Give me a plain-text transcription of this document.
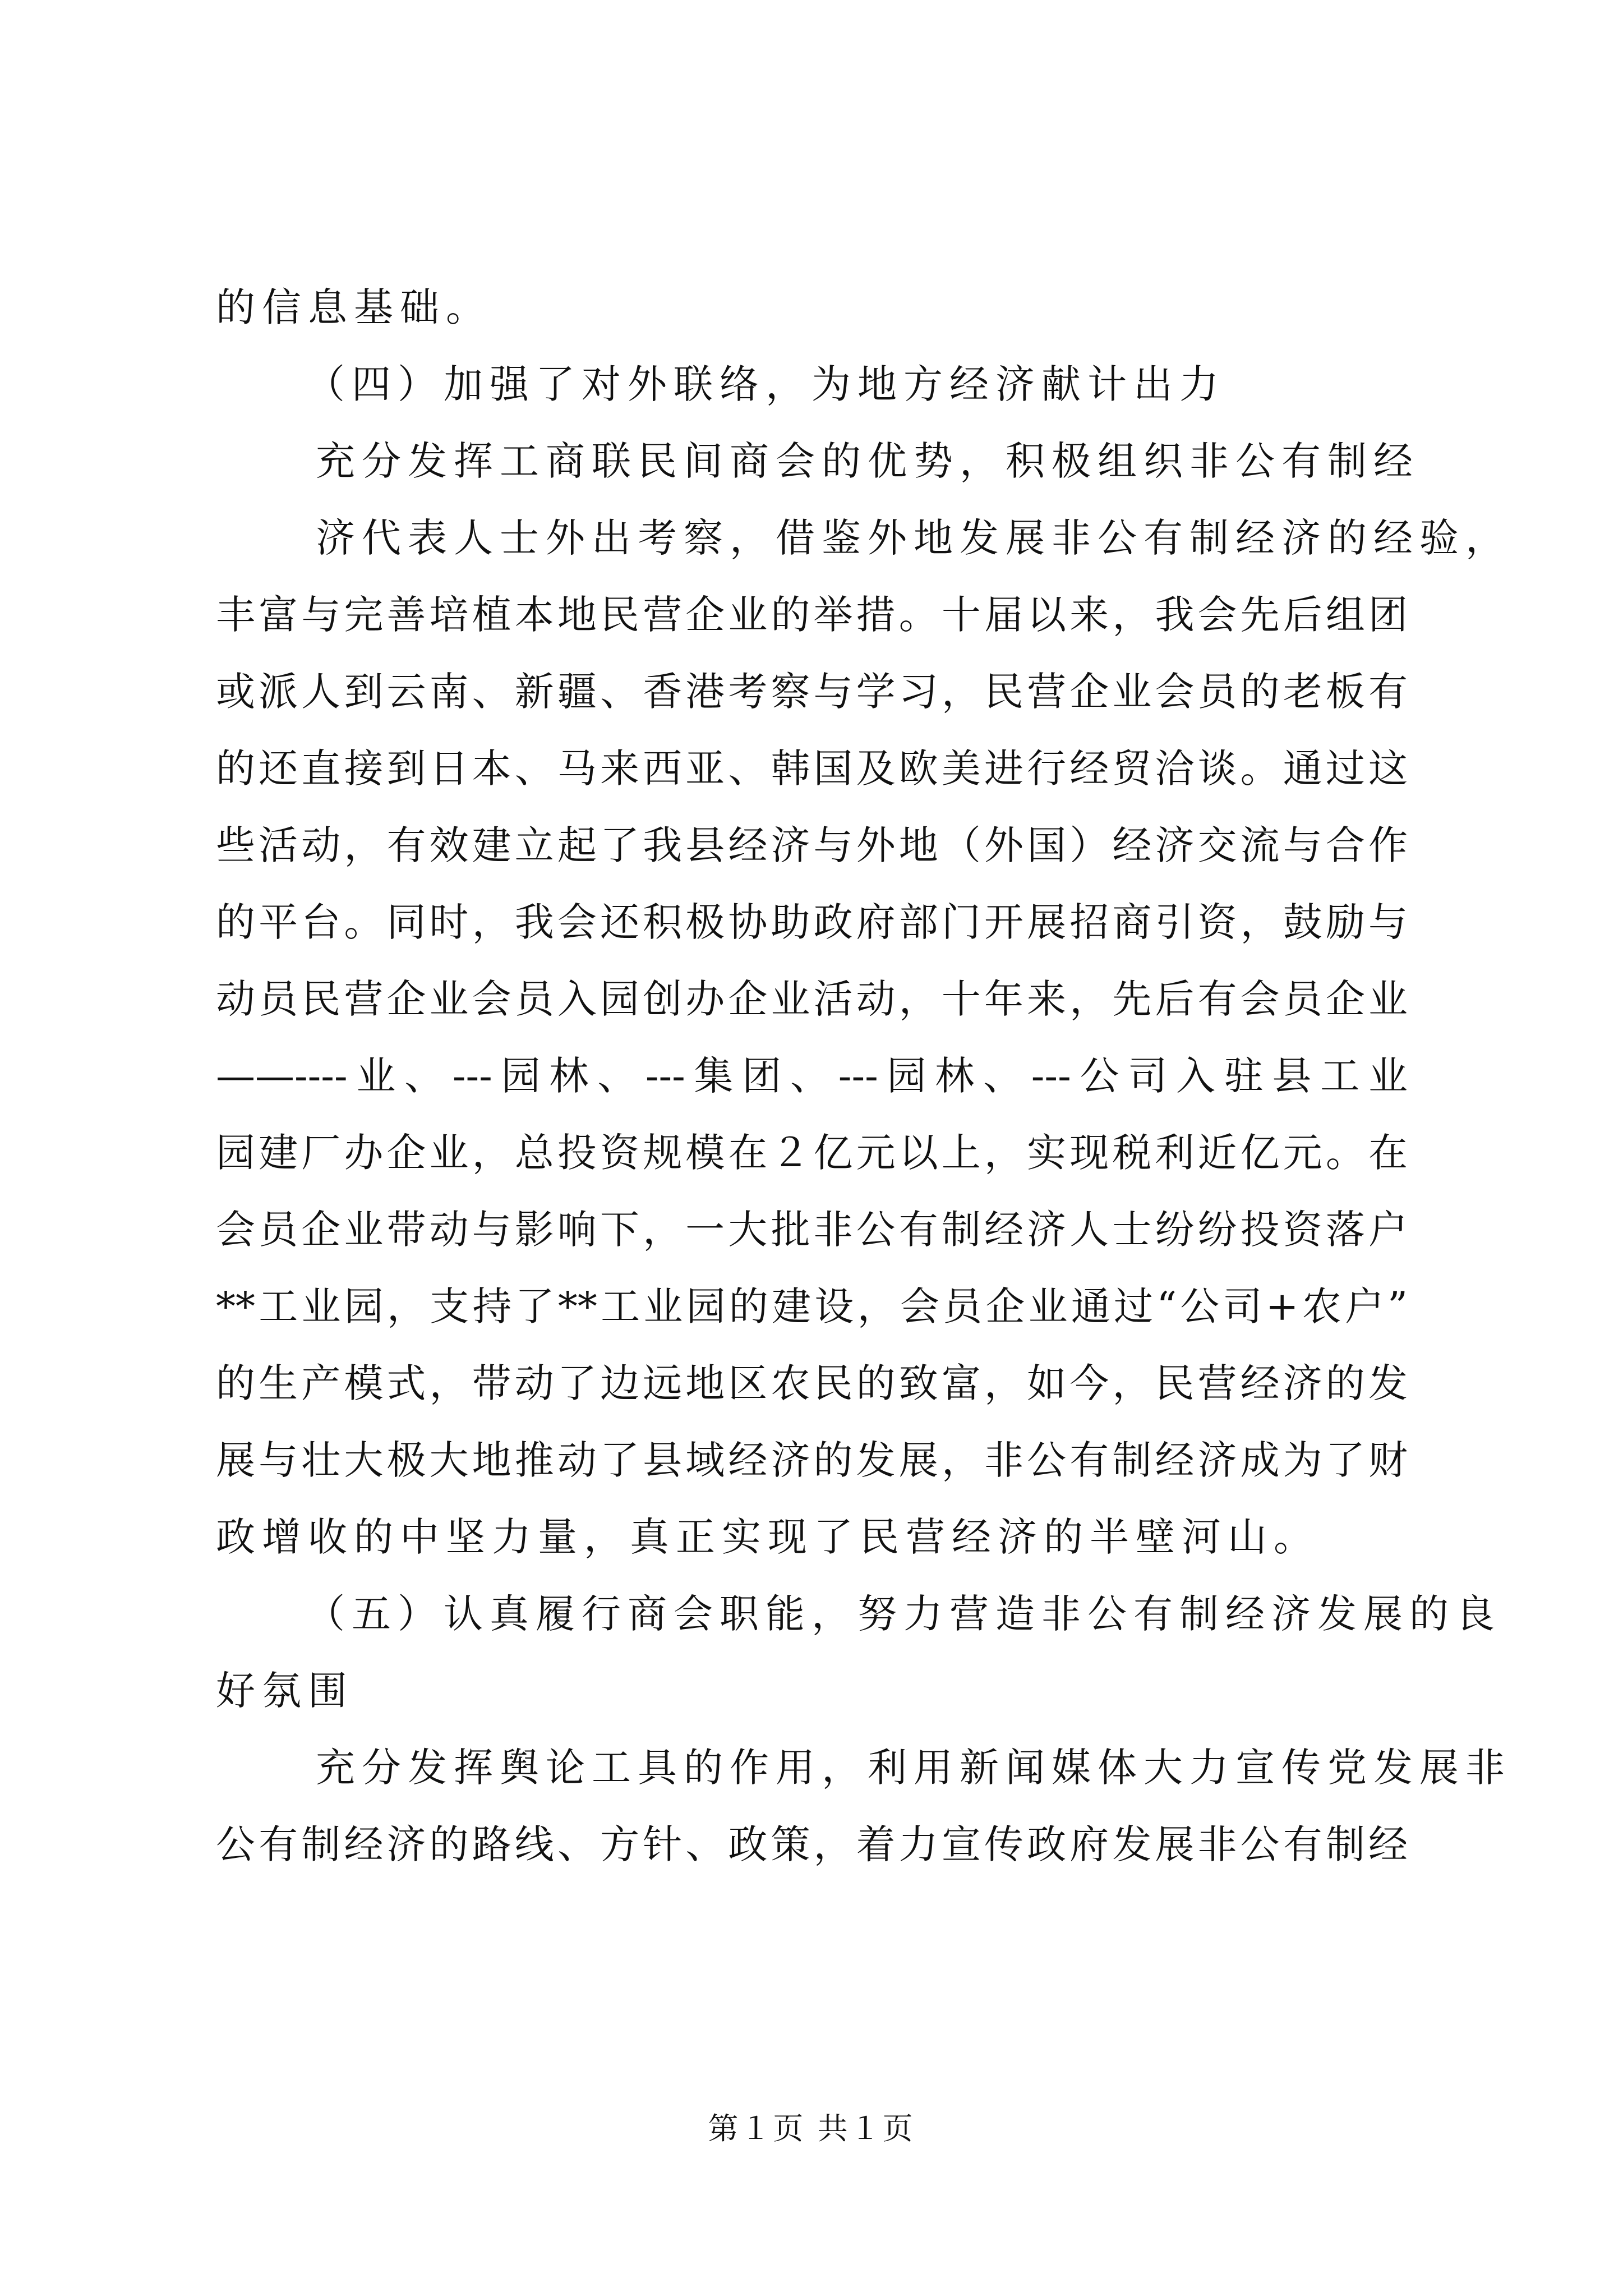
的信息基础。
（四）加强了对外联络，为地方经济献计出力
充分发挥工商联民间商会的优势，积极组织非公有制经
济代表人士外出考察，借鉴外地发展非公有制经济的经验，
丰富与完善培植本地民营企业的举措。十届以来，我会先后组团
或派人到云南、新疆、香港考察与学习，民营企业会员的老板有
的还直接到日本、马来西亚、韩国及欧美进行经贸洽谈。通过这
些活动，有效建立起了我县经济与外地（外国）经济交流与合作
的平台。同时，我会还积极协助政府部门开展招商引资，鼓励与
动员民营企业会员入园创办企业活动，十年来，先后有会员企业
——----业、---园林、---集团、---园林、---公司入驻县工业
园建厂办企业，总投资规模在２亿元以上，实现税利近亿元。在
会员企业带动与影响下，一大批非公有制经济人士纷纷投资落户
**工业园，支持了**工业园的建设，会员企业通过“公司+农户”
的生产模式，带动了边远地区农民的致富，如今，民营经济的发
展与壮大极大地推动了县域经济的发展，非公有制经济成为了财
政增收的中坚力量，真正实现了民营经济的半壁河山。
（五）认真履行商会职能，努力营造非公有制经济发展的良
好氛围
充分发挥舆论工具的作用，利用新闻媒体大力宣传党发展非
公有制经济的路线、方针、政策，着力宣传政府发展非公有制经
第１页 共１页
